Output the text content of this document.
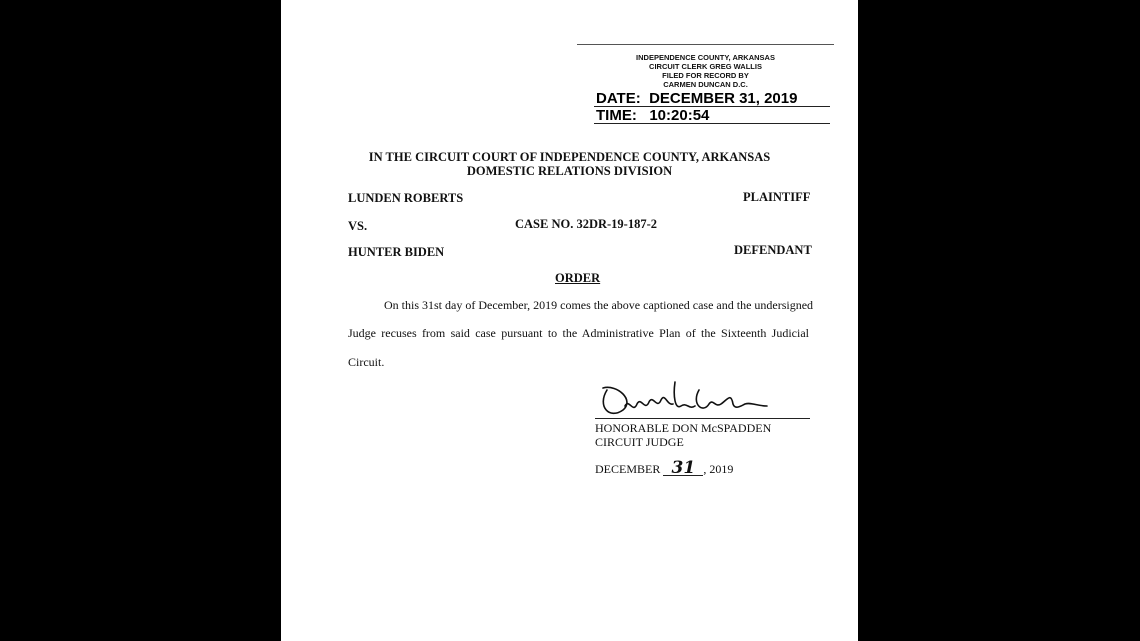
INDEPENDENCE COUNTY, ARKANSAS
CIRCUIT CLERK GREG WALLIS
FILED FOR RECORD BY
CARMEN DUNCAN D.C.
DATE: DECEMBER 31, 2019
TIME: 10:20:54
IN THE CIRCUIT COURT OF INDEPENDENCE COUNTY, ARKANSAS
DOMESTIC RELATIONS DIVISION
LUNDEN ROBERTS	PLAINTIFF
VS.	CASE NO. 32DR-19-187-2
HUNTER BIDEN	DEFENDANT
ORDER
On this 31st day of December, 2019 comes the above captioned case and the undersigned
Judge recuses from said case pursuant to the Administrative Plan of the Sixteenth Judicial
Circuit.
HONORABLE DON McSPADDEN
CIRCUIT JUDGE
DECEMBER 31 , 2019
